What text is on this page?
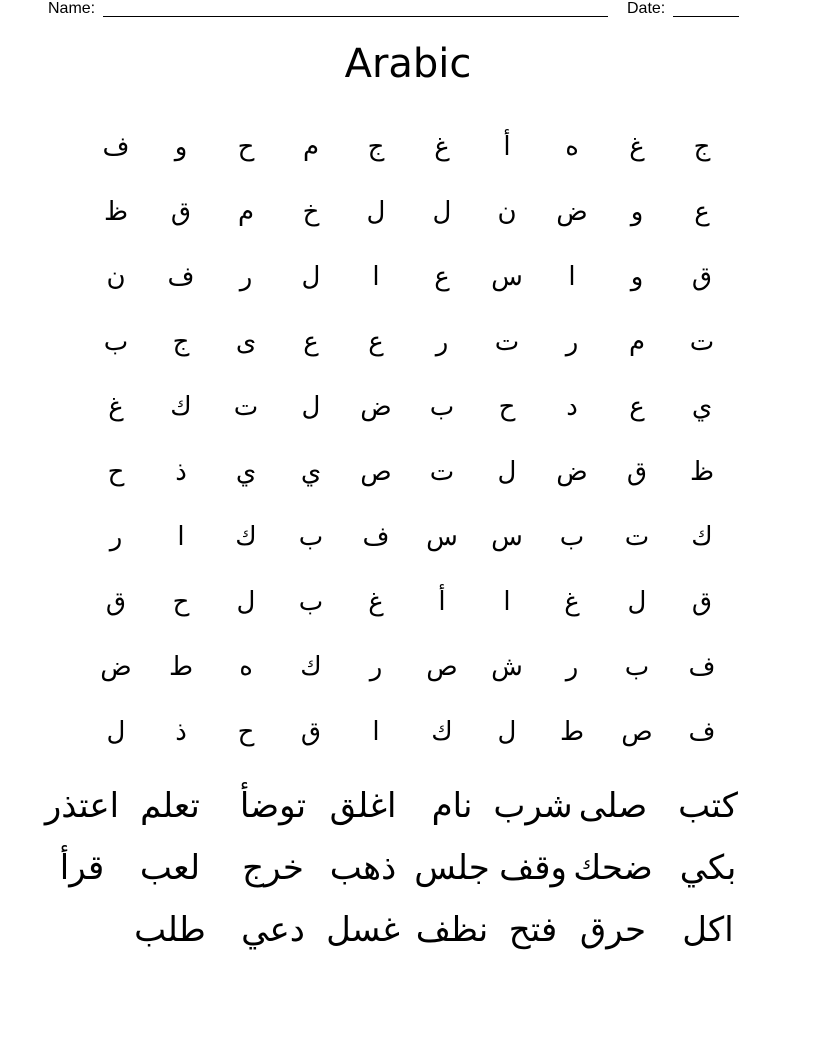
Name:	Date:
Arabic
ج
غ
ه
أ
غ
ج
م
ح
و
ف
ع
و
ض
ن
ل
ل
خ
م
ق
ظ
ق
و
ا
س
ع
ا
ل
ر
ف
ن
ت
م
ر
ت
ر
ع
ع
ى
ج
ب
ي
ع
د
ح
ب
ض
ل
ت
ك
غ
ظ
ق
ض
ل
ت
ص
ي
ي
ذ
ح
ك
ت
ب
س
س
ف
ب
ك
ا
ر
ق
ل
غ
ا
أ
غ
ب
ل
ح
ق
ف
ب
ر
ش
ص
ر
ك
ه
ط
ض
ف
ص
ط
ل
ك
ا
ق
ح
ذ
ل
كتب
صلى
شرب
نام
اغلق
توضأ
تعلم
اعتذر
بكي
ضحك
وقف
جلس
ذهب
خرج
لعب
قرأ
اكل
حرق
فتح
نظف
غسل
دعي
طلب
